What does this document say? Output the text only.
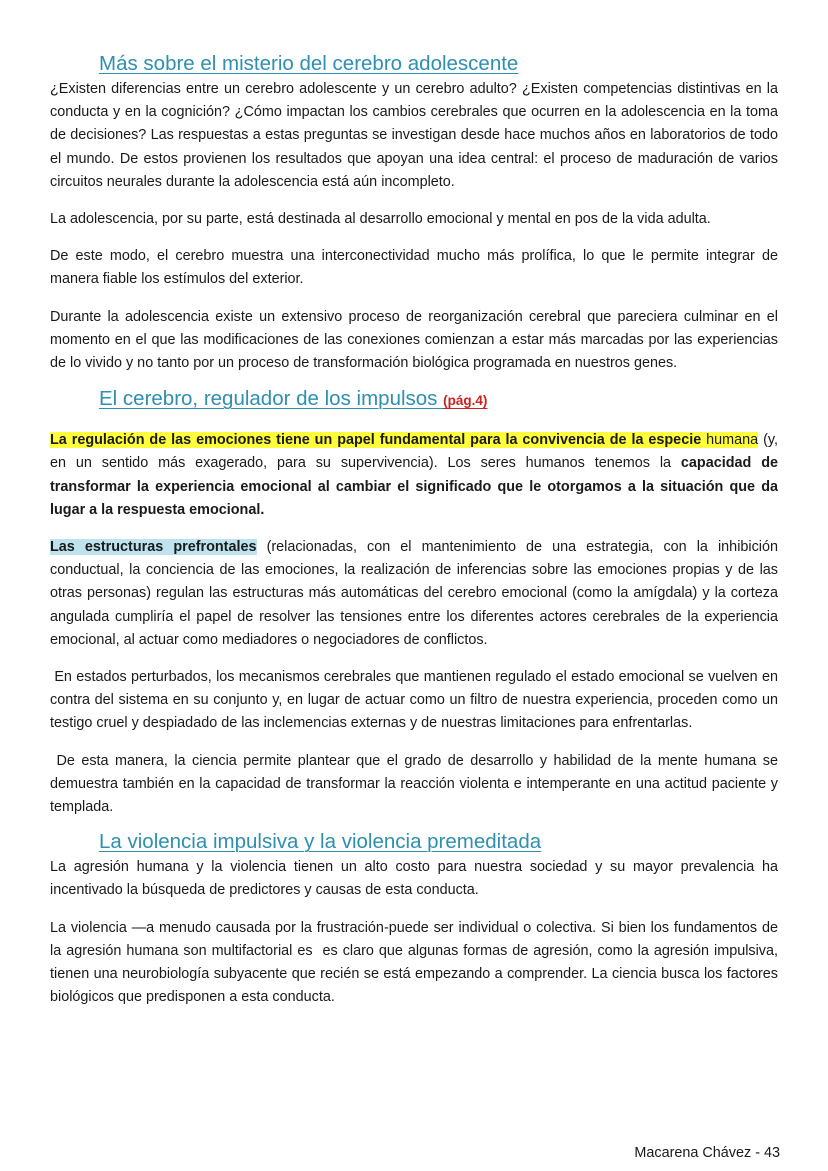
Más sobre el misterio del cerebro adolescente

¿Existen diferencias entre un cerebro adolescente y un cerebro adulto? ¿Existen competencias distintivas en la conducta y en la cognición? ¿Cómo impactan los cambios cerebrales que ocurren en la adolescencia en la toma de decisiones? Las respuestas a estas preguntas se investigan desde hace muchos años en laboratorios de todo el mundo. De estos provienen los resultados que apoyan una idea central: el proceso de maduración de varios circuitos neurales durante la adolescencia está aún incompleto.

La adolescencia, por su parte, está destinada al desarrollo emocional y mental en pos de la vida adulta.

De este modo, el cerebro muestra una interconectividad mucho más prolífica, lo que le permite integrar de manera fiable los estímulos del exterior.

Durante la adolescencia existe un extensivo proceso de reorganización cerebral que pareciera culminar en el momento en el que las modificaciones de las conexiones comienzan a estar más marcadas por las experiencias de lo vivido y no tanto por un proceso de transformación biológica programada en nuestros genes.

El cerebro, regulador de los impulsos (pág.4)

La regulación de las emociones tiene un papel fundamental para la convivencia de la especie humana (y, en un sentido más exagerado, para su supervivencia). Los seres humanos tenemos la capacidad de transformar la experiencia emocional al cambiar el significado que le otorgamos a la situación que da lugar a la respuesta emocional.

Las estructuras prefrontales (relacionadas, con el mantenimiento de una estrategia, con la inhibición conductual, la conciencia de las emociones, la realización de inferencias sobre las emociones propias y de las otras personas) regulan las estructuras más automáticas del cerebro emocional (como la amígdala) y la corteza angulada cumpliría el papel de resolver las tensiones entre los diferentes actores cerebrales de la experiencia emocional, al actuar como mediadores o negociadores de conflictos.

En estados perturbados, los mecanismos cerebrales que mantienen regulado el estado emocional se vuelven en contra del sistema en su conjunto y, en lugar de actuar como un filtro de nuestra experiencia, proceden como un testigo cruel y despiadado de las inclemencias externas y de nuestras limitaciones para enfrentarlas.

De esta manera, la ciencia permite plantear que el grado de desarrollo y habilidad de la mente humana se demuestra también en la capacidad de transformar la reacción violenta e intemperante en una actitud paciente y templada.

La violencia impulsiva y la violencia premeditada

La agresión humana y la violencia tienen un alto costo para nuestra sociedad y su mayor prevalencia ha incentivado la búsqueda de predictores y causas de esta conducta.

La violencia —a menudo causada por la frustración-puede ser individual o colectiva. Si bien los fundamentos de la agresión humana son multifactorial es  es claro que algunas formas de agresión, como la agresión impulsiva, tienen una neurobiología subyacente que recién se está empezando a comprender. La ciencia busca los factores biológicos que predisponen a esta conducta.

Macarena Chávez - 43
